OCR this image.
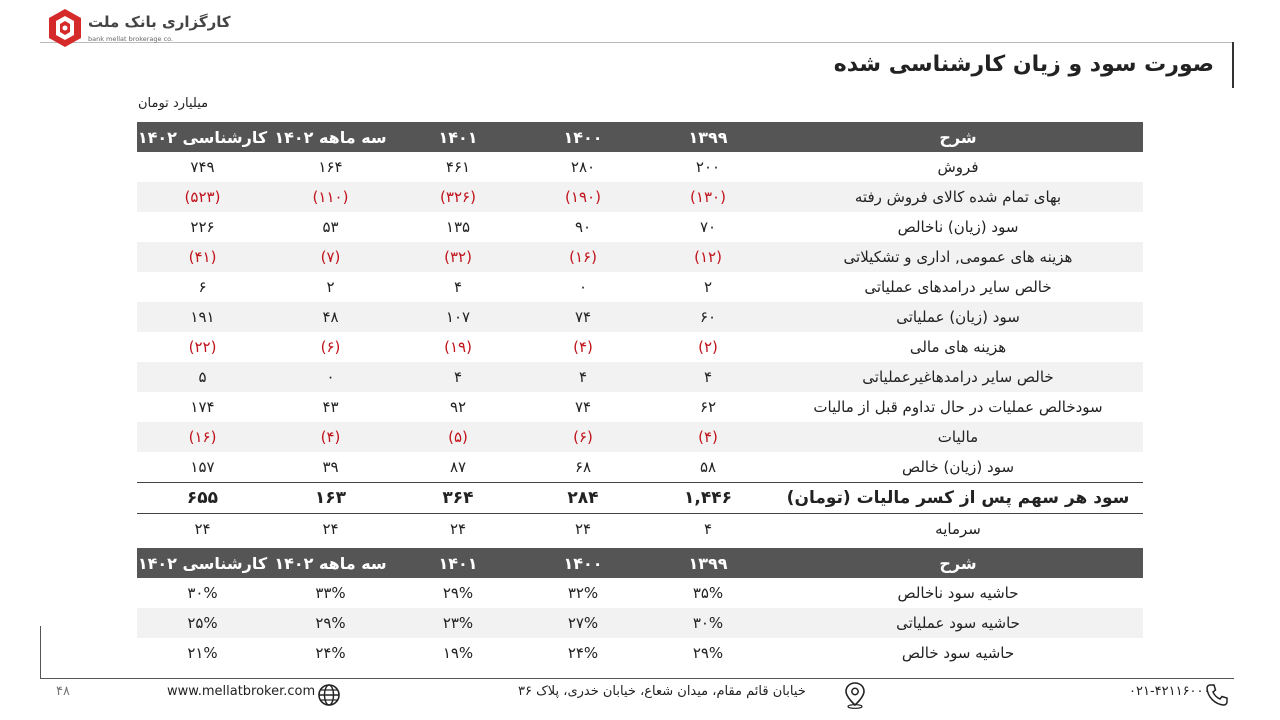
کارگزاری بانک ملت
bank mellat brokerage co.
صورت سود و زیان کارشناسی شده
میلیارد تومان
شرح	۱۳۹۹	۱۴۰۰	۱۴۰۱	سه ماهه ۱۴۰۲	کارشناسی ۱۴۰۲
فروش	۲۰۰	۲۸۰	۴۶۱	۱۶۴	۷۴۹
بهای تمام شده کالای فروش رفته	(۱۳۰)	(۱۹۰)	(۳۲۶)	(۱۱۰)	(۵۲۳)
سود (زیان) ناخالص	۷۰	۹۰	۱۳۵	۵۳	۲۲۶
هزینه های عمومی, اداری و تشکیلاتی	(۱۲)	(۱۶)	(۳۲)	(۷)	(۴۱)
خالص سایر درامدهای عملیاتی	۲	۰	۴	۲	۶
سود (زیان) عملیاتی	۶۰	۷۴	۱۰۷	۴۸	۱۹۱
هزینه های مالی	(۲)	(۴)	(۱۹)	(۶)	(۲۲)
خالص سایر درامدهاغیرعملیاتی	۴	۴	۴	۰	۵
سودخالص عملیات در حال تداوم قبل از مالیات	۶۲	۷۴	۹۲	۴۳	۱۷۴
مالیات	(۴)	(۶)	(۵)	(۴)	(۱۶)
سود (زیان) خالص	۵۸	۶۸	۸۷	۳۹	۱۵۷
سود هر سهم پس از کسر مالیات (تومان)	۱,۴۴۶	۲۸۴	۳۶۴	۱۶۳	۶۵۵
سرمایه	۴	۲۴	۲۴	۲۴	۲۴
شرح	۱۳۹۹	۱۴۰۰	۱۴۰۱	سه ماهه ۱۴۰۲	کارشناسی ۱۴۰۲
حاشیه سود ناخالص	۳۵%	۳۲%	۲۹%	۳۳%	۳۰%
حاشیه سود عملیاتی	۳۰%	۲۷%	۲۳%	۲۹%	۲۵%
حاشیه سود خالص	۲۹%	۲۴%	۱۹%	۲۴%	۲۱%
۴۸	www.mellatbroker.com	خیابان قائم مقام، میدان شعاع، خیابان خدری، پلاک ۳۶	۰۲۱-۴۲۱۱۶۰۰۰
